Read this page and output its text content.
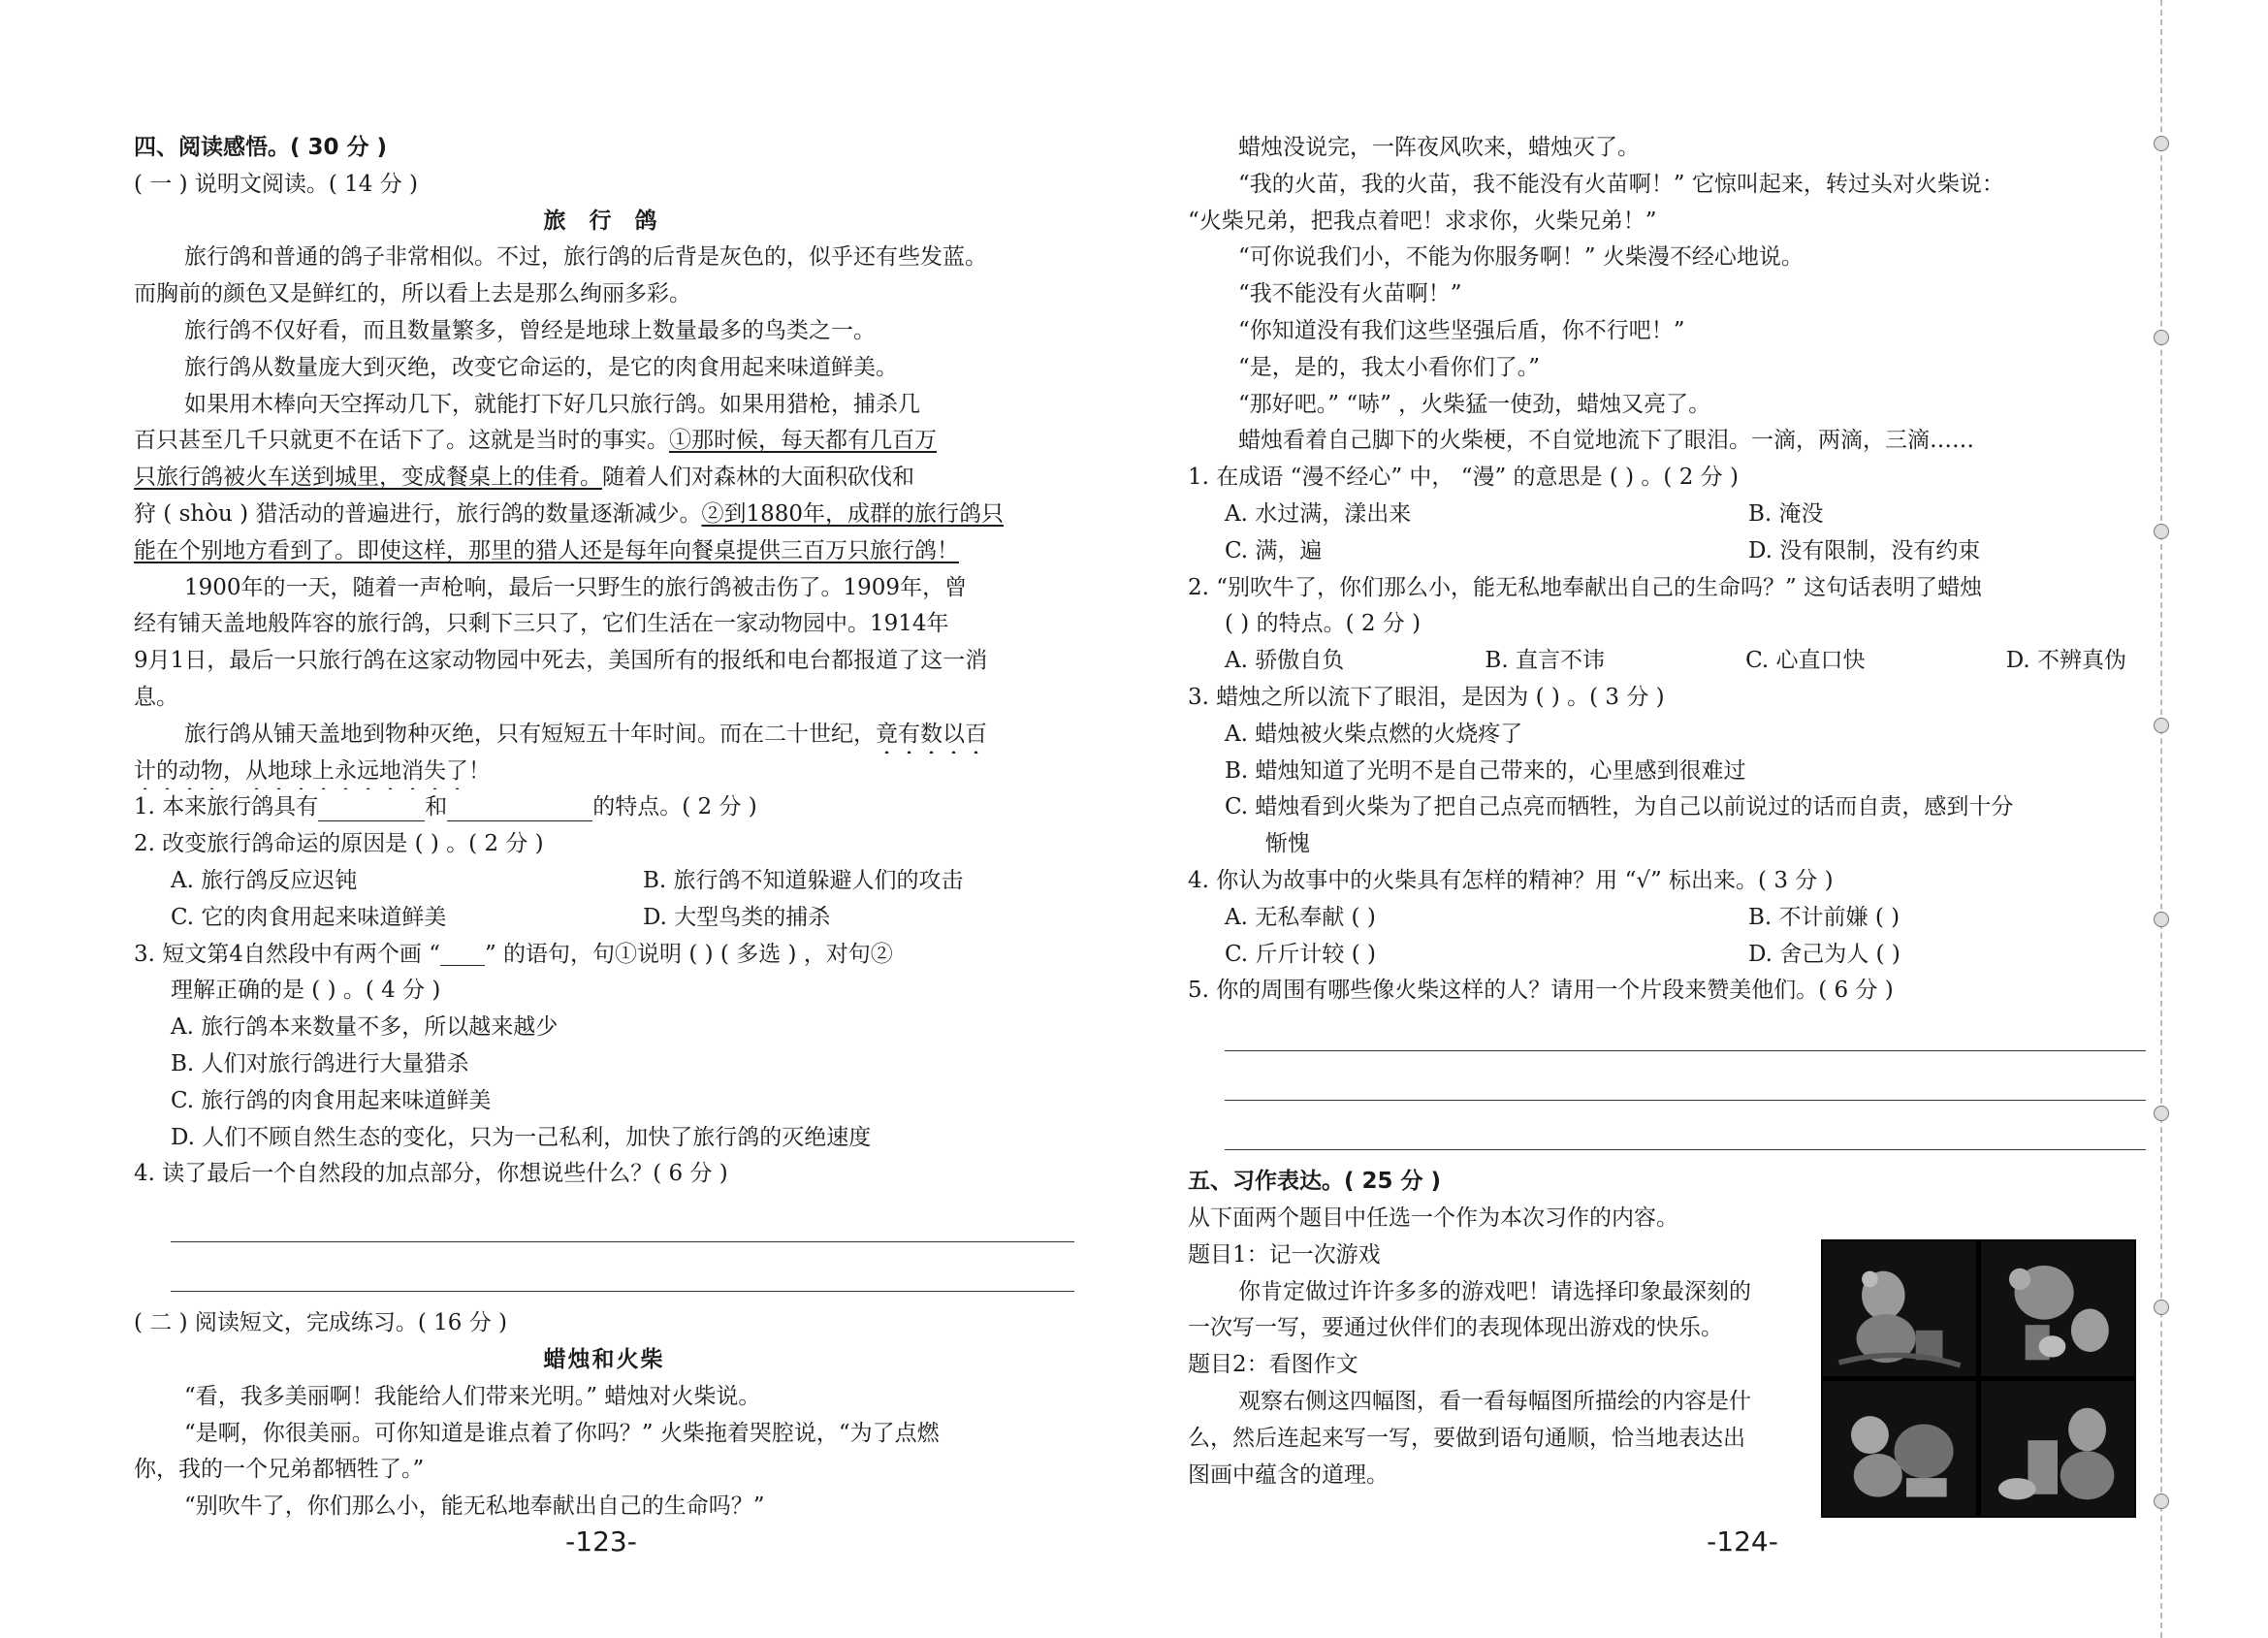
四、阅读感悟。( 30 分 )
( 一 ) 说明文阅读。( 14 分 )
旅 行 鸽
旅行鸽和普通的鸽子非常相似。不过，旅行鸽的后背是灰色的，似乎还有些发蓝。
而胸前的颜色又是鲜红的，所以看上去是那么绚丽多彩。
旅行鸽不仅好看，而且数量繁多，曾经是地球上数量最多的鸟类之一。
旅行鸽从数量庞大到灭绝，改变它命运的，是它的肉食用起来味道鲜美。
如果用木棒向天空挥动几下，就能打下好几只旅行鸽。如果用猎枪，捕杀几
百只甚至几千只就更不在话下了。这就是当时的事实。①那时候，每天都有几百万
只旅行鸽被火车送到城里，变成餐桌上的佳肴。随着人们对森林的大面积砍伐和
狩 ( shòu ) 猎活动的普遍进行，旅行鸽的数量逐渐减少。②到1880年，成群的旅行鸽只
能在个别地方看到了。即使这样，那里的猎人还是每年向餐桌提供三百万只旅行鸽！
1900年的一天，随着一声枪响，最后一只野生的旅行鸽被击伤了。1909年，曾
经有铺天盖地般阵容的旅行鸽，只剩下三只了，它们生活在一家动物园中。1914年
9月1日，最后一只旅行鸽在这家动物园中死去，美国所有的报纸和电台都报道了这一消
息。
旅行鸽从铺天盖地到物种灭绝，只有短短五十年时间。而在二十世纪，竟有数以百
计的动物，从地球上永远地消失了！
1. 本来旅行鸽具有	和	的特点。( 2 分 )
2. 改变旅行鸽命运的原因是 ( ) 。( 2 分 )
A. 旅行鸽反应迟钝	B. 旅行鸽不知道躲避人们的攻击
C. 它的肉食用起来味道鲜美	D. 大型鸟类的捕杀
3. 短文第4自然段中有两个画 “ ” 的语句，句①说明 ( ) ( 多选 ) ，对句②
理解正确的是 ( ) 。( 4 分 )
A. 旅行鸽本来数量不多，所以越来越少
B. 人们对旅行鸽进行大量猎杀
C. 旅行鸽的肉食用起来味道鲜美
D. 人们不顾自然生态的变化，只为一己私利，加快了旅行鸽的灭绝速度
4. 读了最后一个自然段的加点部分，你想说些什么？( 6 分 )
( 二 ) 阅读短文，完成练习。( 16 分 )
蜡烛和火柴
“看，我多美丽啊！我能给人们带来光明。” 蜡烛对火柴说。
“是啊，你很美丽。可你知道是谁点着了你吗？” 火柴拖着哭腔说，“为了点燃
你，我的一个兄弟都牺牲了。”
“别吹牛了，你们那么小，能无私地奉献出自己的生命吗？”
-123-
蜡烛没说完，一阵夜风吹来，蜡烛灭了。
“我的火苗，我的火苗，我不能没有火苗啊！” 它惊叫起来，转过头对火柴说：
“火柴兄弟，把我点着吧！求求你，火柴兄弟！”
“可你说我们小，不能为你服务啊！” 火柴漫不经心地说。
“我不能没有火苗啊！”
“你知道没有我们这些坚强后盾，你不行吧！”
“是，是的，我太小看你们了。”
“那好吧。” “哧” ，火柴猛一使劲，蜡烛又亮了。
蜡烛看着自己脚下的火柴梗，不自觉地流下了眼泪。一滴，两滴，三滴……
1. 在成语 “漫不经心” 中， “漫” 的意思是 ( ) 。( 2 分 )
A. 水过满，漾出来	B. 淹没
C. 满，遍	D. 没有限制，没有约束
2. “别吹牛了，你们那么小，能无私地奉献出自己的生命吗？” 这句话表明了蜡烛
( ) 的特点。( 2 分 )
A. 骄傲自负	B. 直言不讳	C. 心直口快	D. 不辨真伪
3. 蜡烛之所以流下了眼泪，是因为 ( ) 。( 3 分 )
A. 蜡烛被火柴点燃的火烧疼了
B. 蜡烛知道了光明不是自己带来的，心里感到很难过
C. 蜡烛看到火柴为了把自己点亮而牺牲，为自己以前说过的话而自责，感到十分
惭愧
4. 你认为故事中的火柴具有怎样的精神？用 “√” 标出来。( 3 分 )
A. 无私奉献 ( )	B. 不计前嫌 ( )
C. 斤斤计较 ( )	D. 舍己为人 ( )
5. 你的周围有哪些像火柴这样的人？请用一个片段来赞美他们。( 6 分 )
五、习作表达。( 25 分 )
从下面两个题目中任选一个作为本次习作的内容。
题目1：记一次游戏
你肯定做过许许多多的游戏吧！请选择印象最深刻的
一次写一写，要通过伙伴们的表现体现出游戏的快乐。
题目2：看图作文
观察右侧这四幅图，看一看每幅图所描绘的内容是什
么，然后连起来写一写，要做到语句通顺，恰当地表达出
图画中蕴含的道理。
-124-
